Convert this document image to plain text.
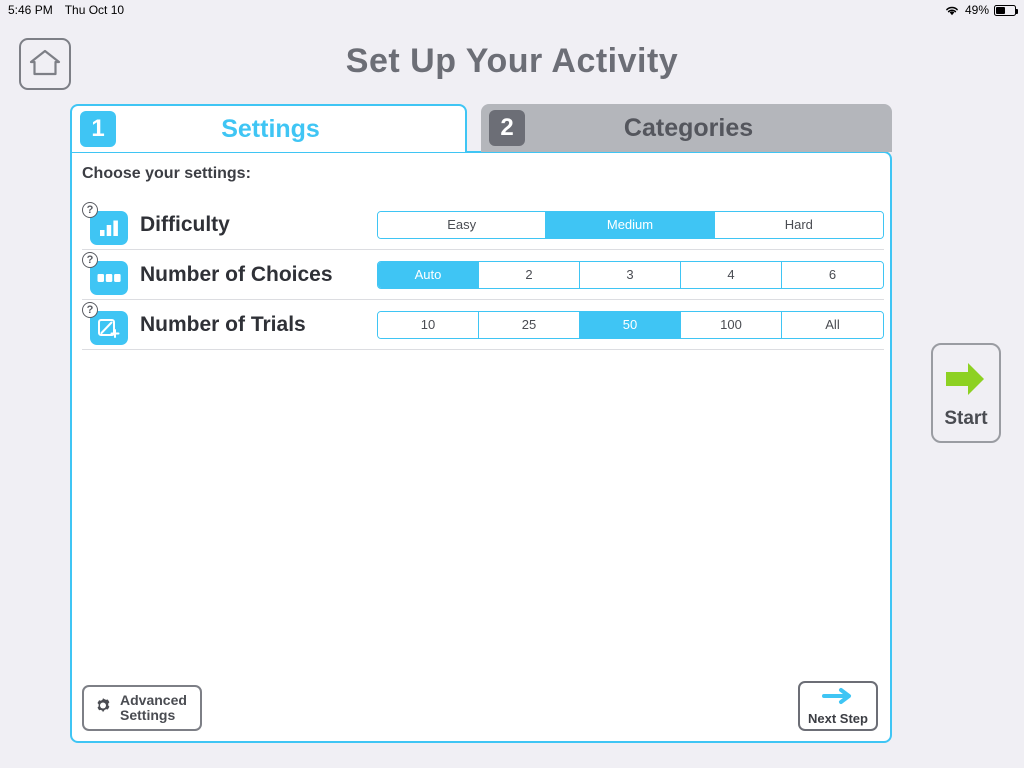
5:46 PM Thu Oct 10	49%
Set Up Your Activity
1	Settings	2	Categories
Choose your settings:
?
Difficulty	Easy	Medium	Hard
?
Number of Choices	Auto	2	3	4	6
?
Number of Trials	10	25	50	100	All
Advanced
Settings	Next Step
Start
